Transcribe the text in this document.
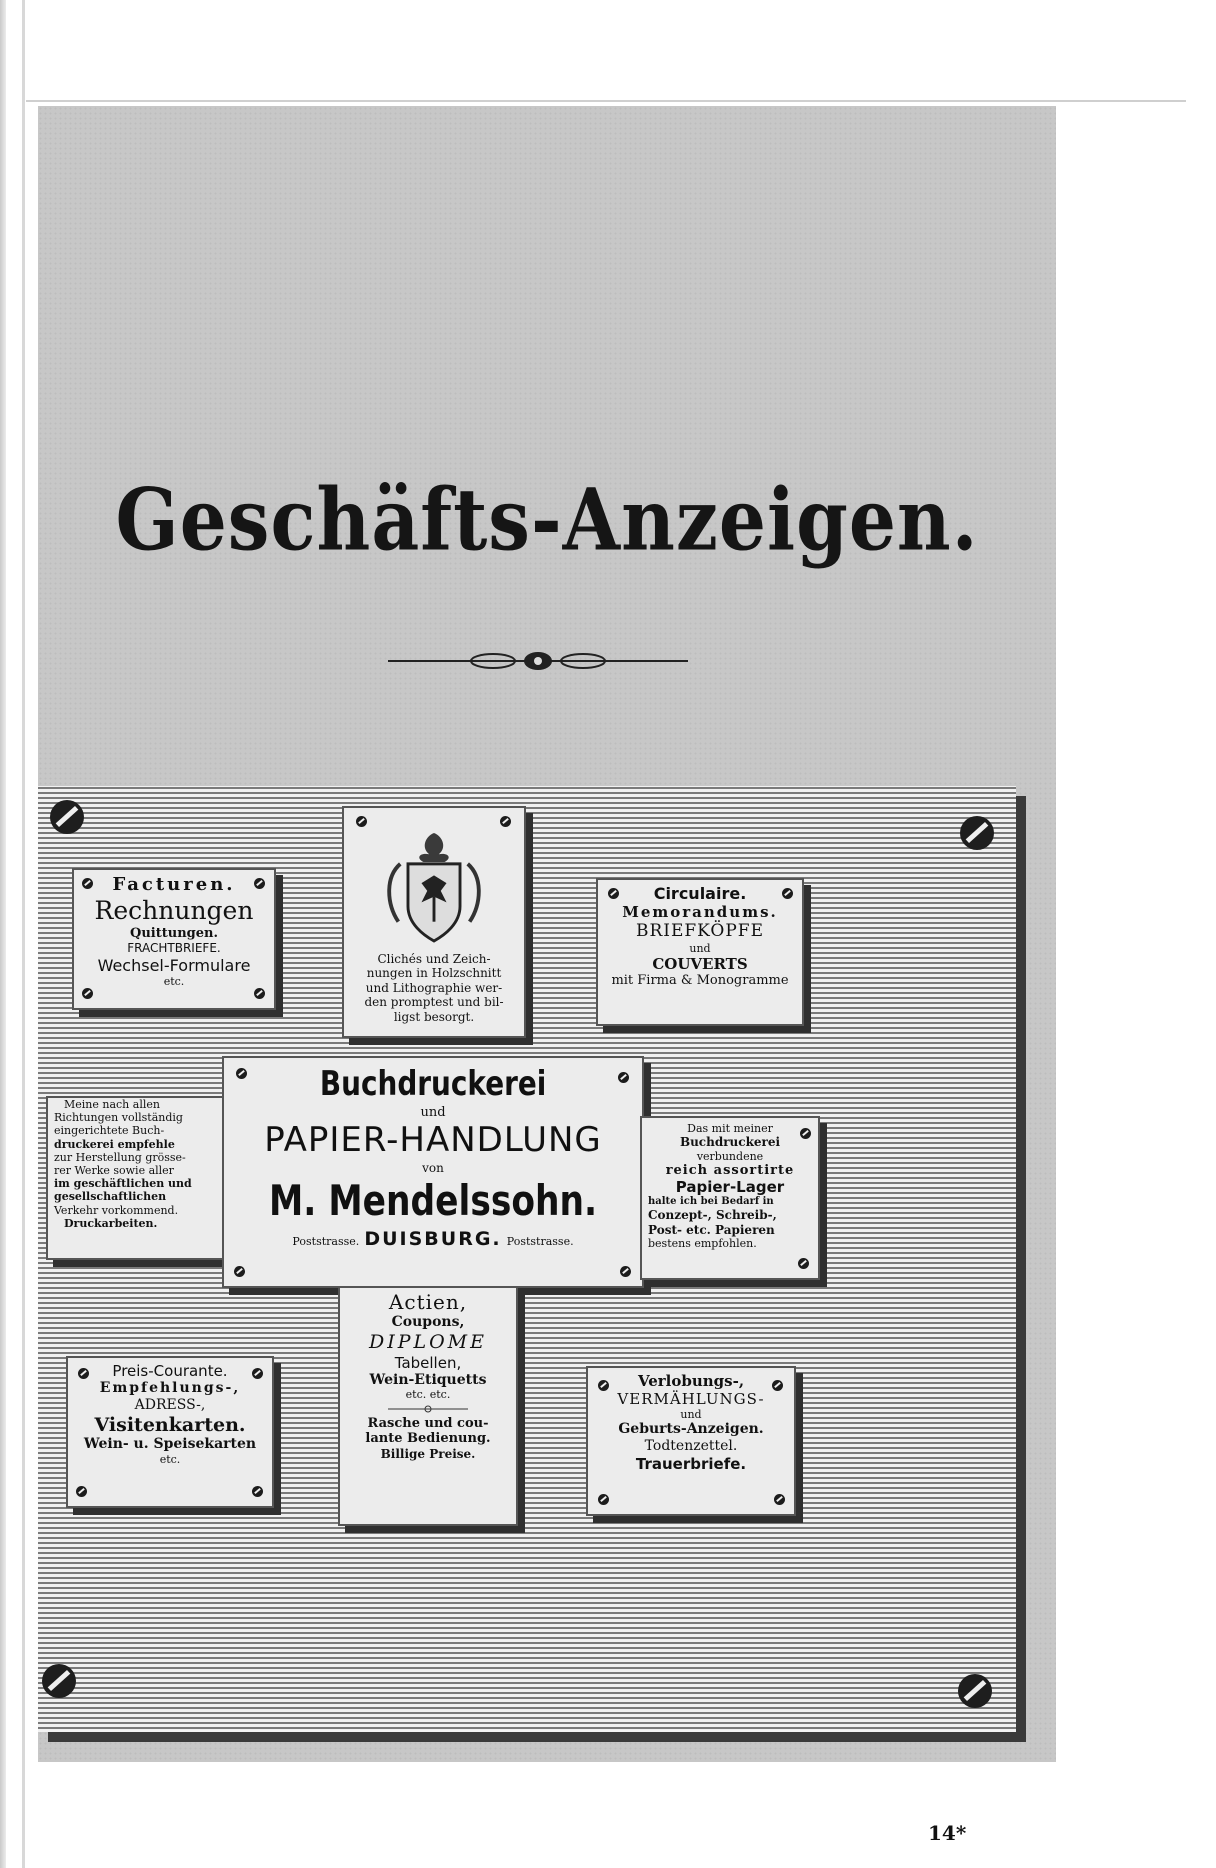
Geschäfts-Anzeigen.
Facturen.
Rechnungen
Quittungen.
FRACHTBRIEFE.
Wechsel-Formulare
etc.
Clichés und Zeich-
nungen in Holzschnitt
und Lithographie wer-
den promptest und bil-
ligst besorgt.
Circulaire.
Memorandums.
BRIEFKÖPFE
und
COUVERTS
mit Firma & Monogramme
Meine nach allen
Richtungen vollständig
eingerichtete Buch-
druckerei empfehle
zur Herstellung grösse-
rer Werke sowie aller
im geschäftlichen und
gesellschaftlichen
Verkehr vorkommend.
Druckarbeiten.
Buchdruckerei
und
PAPIER-HANDLUNG
von
M. Mendelssohn.
Poststrasse. DUISBURG. Poststrasse.
Das mit meiner
Buchdruckerei
verbundene
reich assortirte
Papier-Lager
halte ich bei Bedarf in
Conzept-, Schreib-,
Post- etc. Papieren
bestens empfohlen.
Actien,
Coupons,
DIPLOME
Tabellen,
Wein-Etiquetts
etc. etc.
Rasche und cou-
lante Bedienung.
Billige Preise.
Preis-Courante.
Empfehlungs-,
ADRESS-,
Visitenkarten.
Wein- u. Speisekarten
etc.
Verlobungs-,
VERMÄHLUNGS-
und
Geburts-Anzeigen.
Todtenzettel.
Trauerbriefe.
14*
